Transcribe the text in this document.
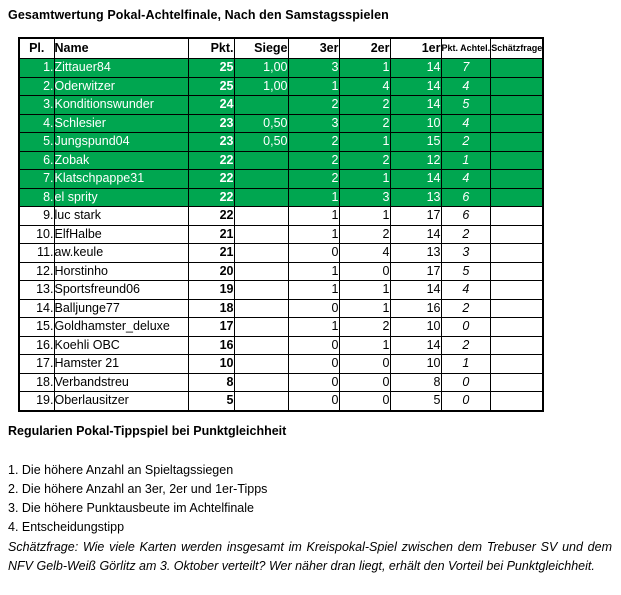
Gesamtwertung Pokal-Achtelfinale, Nach den Samstagsspielen
Pl.	Name	Pkt.	Siege	3er	2er	1er	Pkt. Achtel.	Schätzfrage
1.	Zittauer84	25	1,00	3	1	14	7	
2.	Oderwitzer	25	1,00	1	4	14	4	
3.	Konditionswunder	24		2	2	14	5	
4.	Schlesier	23	0,50	3	2	10	4	
5.	Jungspund04	23	0,50	2	1	15	2	
6.	Zobak	22		2	2	12	1	
7.	Klatschpappe31	22		2	1	14	4	
8.	el sprity	22		1	3	13	6	
9.	luc stark	22		1	1	17	6	
10.	ElfHalbe	21		1	2	14	2	
11.	aw.keule	21		0	4	13	3	
12.	Horstinho	20		1	0	17	5	
13.	Sportsfreund06	19		1	1	14	4	
14.	Balljunge77	18		0	1	16	2	
15.	Goldhamster_deluxe	17		1	2	10	0	
16.	Koehli OBC	16		0	1	14	2	
17.	Hamster 21	10		0	0	10	1	
18.	Verbandstreu	8		0	0	8	0	
19.	Oberlausitzer	5		0	0	5	0	
Regularien Pokal-Tippspiel bei Punktgleichheit
1. Die höhere Anzahl an Spieltagssiegen
2. Die höhere Anzahl an 3er, 2er und 1er-Tipps
3. Die höhere Punktausbeute im Achtelfinale
4. Entscheidungstipp
Schätzfrage: Wie viele Karten werden insgesamt im Kreispokal-Spiel zwischen dem Trebuser SV und dem NFV Gelb-Weiß Görlitz am 3. Oktober verteilt? Wer näher dran liegt, erhält den Vorteil bei Punktgleichheit.
